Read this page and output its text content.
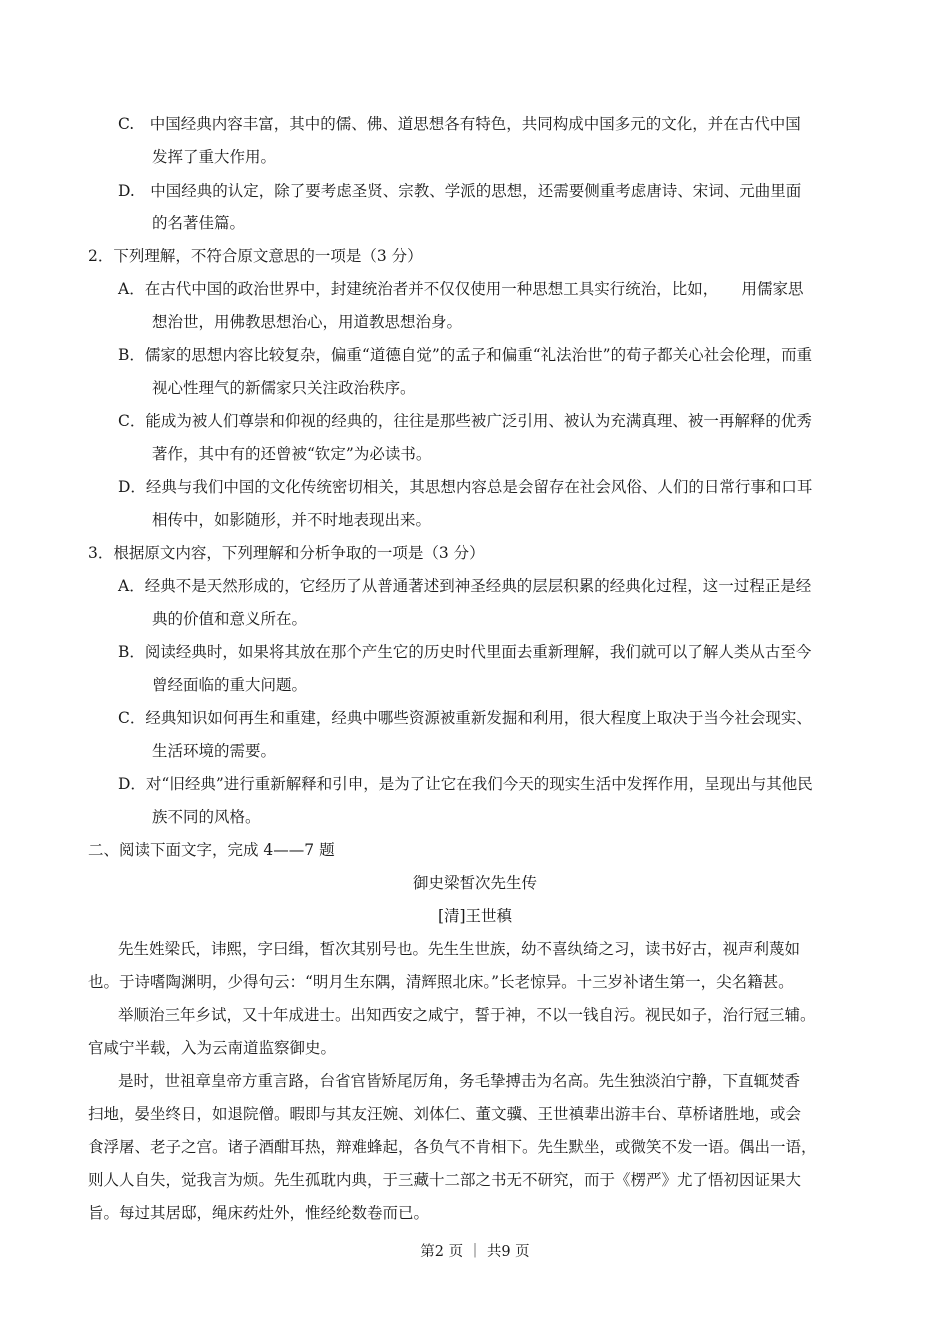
C.　中国经典内容丰富，其中的儒、佛、道思想各有特色，共同构成中国多元的文化，并在古代中国
发挥了重大作用。
D.　中国经典的认定，除了要考虑圣贤、宗教、学派的思想，还需要侧重考虑唐诗、宋词、元曲里面
的名著佳篇。
2．下列理解，不符合原文意思的一项是（3 分）
A．在古代中国的政治世界中，封建统治者并不仅仅使用一种思想工具实行统治，比如，　　用儒家思
想治世，用佛教思想治心，用道教思想治身。
B．儒家的思想内容比较复杂，偏重“道德自觉”的孟子和偏重“礼法治世”的荀子都关心社会伦理，而重
视心性理气的新儒家只关注政治秩序。
C．能成为被人们尊崇和仰视的经典的，往往是那些被广泛引用、被认为充满真理、被一再解释的优秀
著作，其中有的还曾被“钦定”为必读书。
D．经典与我们中国的文化传统密切相关，其思想内容总是会留存在社会风俗、人们的日常行事和口耳
相传中，如影随形，并不时地表现出来。
3．根据原文内容，下列理解和分析争取的一项是（3 分）
A．经典不是天然形成的，它经历了从普通著述到神圣经典的层层积累的经典化过程，这一过程正是经
典的价值和意义所在。
B．阅读经典时，如果将其放在那个产生它的历史时代里面去重新理解，我们就可以了解人类从古至今
曾经面临的重大问题。
C．经典知识如何再生和重建，经典中哪些资源被重新发掘和利用，很大程度上取决于当今社会现实、
生活环境的需要。
D．对“旧经典”进行重新解释和引申，是为了让它在我们今天的现实生活中发挥作用，呈现出与其他民
族不同的风格。
二、阅读下面文字，完成 4——7 题
御史梁皙次先生传
[清]王世稹
先生姓梁氏，讳熙，字曰缉，皙次其别号也。先生生世族，幼不喜纨绮之习，读书好古，视声利蔑如
也。于诗嗜陶渊明，少得句云：“明月生东隅，清辉照北床。”长老惊异。十三岁补诸生第一，尖名籍甚。
举顺治三年乡试，又十年成进士。出知西安之咸宁，誓于神，不以一钱自污。视民如子，治行冠三辅。
官咸宁半载，入为云南道监察御史。
是时，世祖章皇帝方重言路，台省官皆矫尾厉角，务毛挚搏击为名高。先生独淡泊宁静，下直辄焚香
扫地，晏坐终日，如退院僧。暇即与其友汪婉、刘体仁、董文骥、王世禛辈出游丰台、草桥诸胜地，或会
食浮屠、老子之宫。诸子酒酣耳热，辩难蜂起，各负气不肯相下。先生默坐，或微笑不发一语。偶出一语，
则人人自失，觉我言为烦。先生孤耽内典，于三藏十二部之书无不研究，而于《楞严》尤了悟初因证果大
旨。每过其居邸，绳床药灶外，惟经纶数卷而已。
第2 页 ｜ 共9 页
